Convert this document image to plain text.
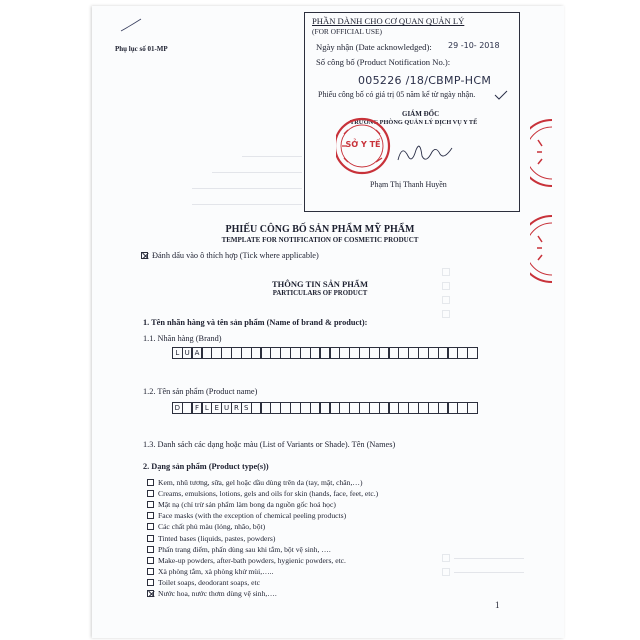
Phụ lục số 01-MP
PHẦN DÀNH CHO CƠ QUAN QUẢN LÝ
(FOR OFFICIAL USE)
Ngày nhận (Date acknowledged): 29 -10- 2018
Số công bố (Product Notification No.):
005226 /18/CBMP-HCM
Phiếu công bố có giá trị 05 năm kể từ ngày nhận.
GIÁM ĐỐC
TRƯỞNG PHÒNG QUẢN LÝ DỊCH VỤ Y TẾ
SỞ Y TẾ
Phạm Thị Thanh Huyền
PHIẾU CÔNG BỐ SẢN PHẨM MỸ PHẨM
TEMPLATE FOR NOTIFICATION OF COSMETIC PRODUCT
Đánh dấu vào ô thích hợp (Tick where applicable)
THÔNG TIN SẢN PHẨM
PARTICULARS OF PRODUCT
1. Tên nhãn hàng và tên sản phẩm (Name of brand & product):
1.1. Nhãn hàng (Brand)
L U A
1.2. Tên sản phẩm (Product name)
D	F L E U R S
1.3. Danh sách các dạng hoặc màu (List of Variants or Shade). Tên (Names)
2. Dạng sản phẩm (Product type(s))
Kem, nhũ tương, sữa, gel hoặc dầu dùng trên da (tay, mặt, chân,…)
Creams, emulsions, lotions, gels and oils for skin (hands, face, feet, etc.)
Mặt nạ (chỉ trừ sản phẩm làm bong da nguồn gốc hoá học)
Face masks (with the exception of chemical peeling products)
Các chất phủ màu (lỏng, nhão, bột)
Tinted bases (liquids, pastes, powders)
Phấn trang điểm, phấn dùng sau khi tắm, bột vệ sinh, ….
Make-up powders, after-bath powders, hygienic powders, etc.
Xà phòng tắm, xà phòng khử mùi,…..
Toilet soaps, deodorant soaps, etc
Nước hoa, nước thơm dùng vệ sinh,….
1
